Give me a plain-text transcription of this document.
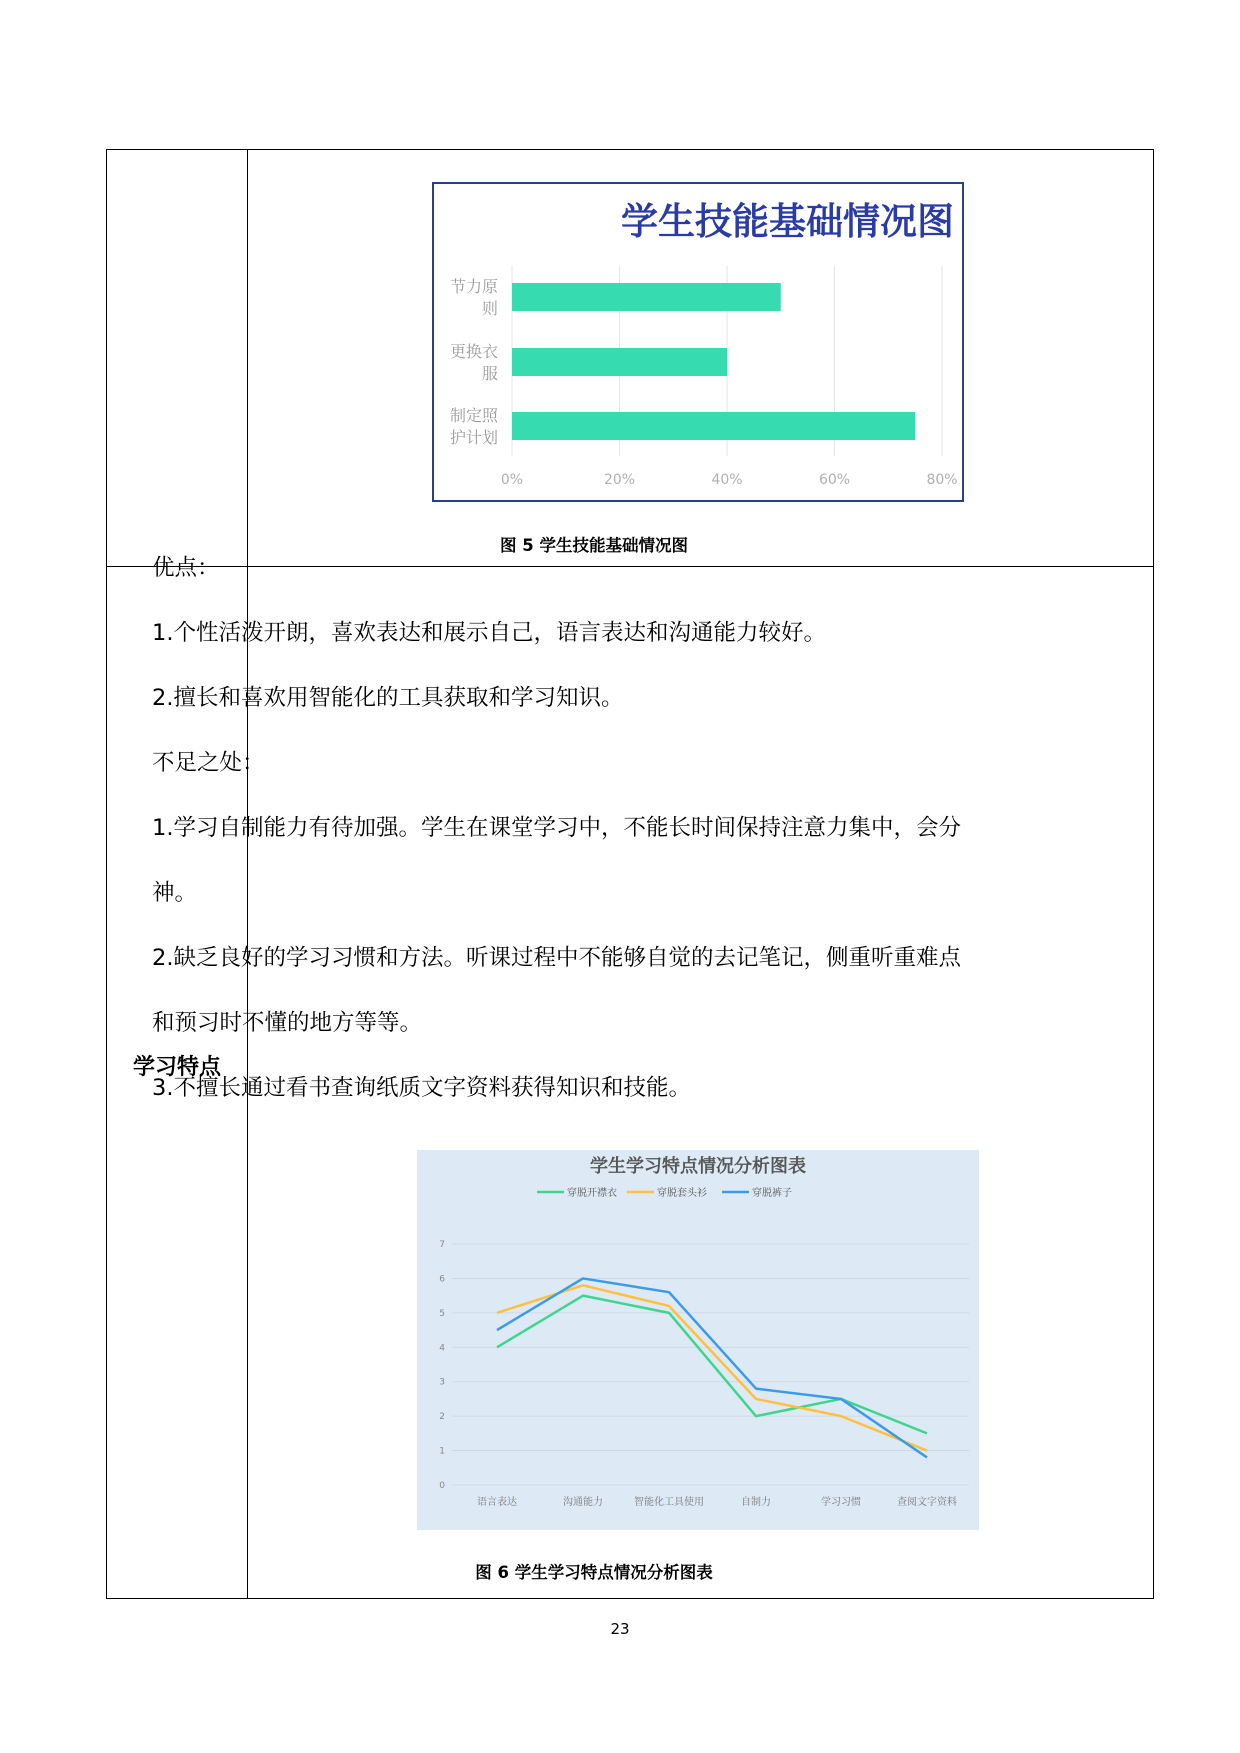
学习特点
学生技能基础情况图
节力原则
更换衣服
制定照护计划
0%	20%	40%	60%	80%
图 5 学生技能基础情况图

优点：

1.个性活泼开朗，喜欢表达和展示自己，语言表达和沟通能力较好。

2.擅长和喜欢用智能化的工具获取和学习知识。

不足之处：

1.学习自制能力有待加强。学生在课堂学习中，不能长时间保持注意力集中，会分

神。

2.缺乏良好的学习习惯和方法。听课过程中不能够自觉的去记笔记，侧重听重难点

和预习时不懂的地方等等。

3.不擅长通过看书查询纸质文字资料获得知识和技能。

学生学习特点情况分析图表
穿脱开襟衣	穿脱套头衫	穿脱裤子
0
1
2
3
4
5
6
7
语言表达	沟通能力	智能化工具使用	自制力	学习习惯	查阅文字资料
图 6 学生学习特点情况分析图表
23
